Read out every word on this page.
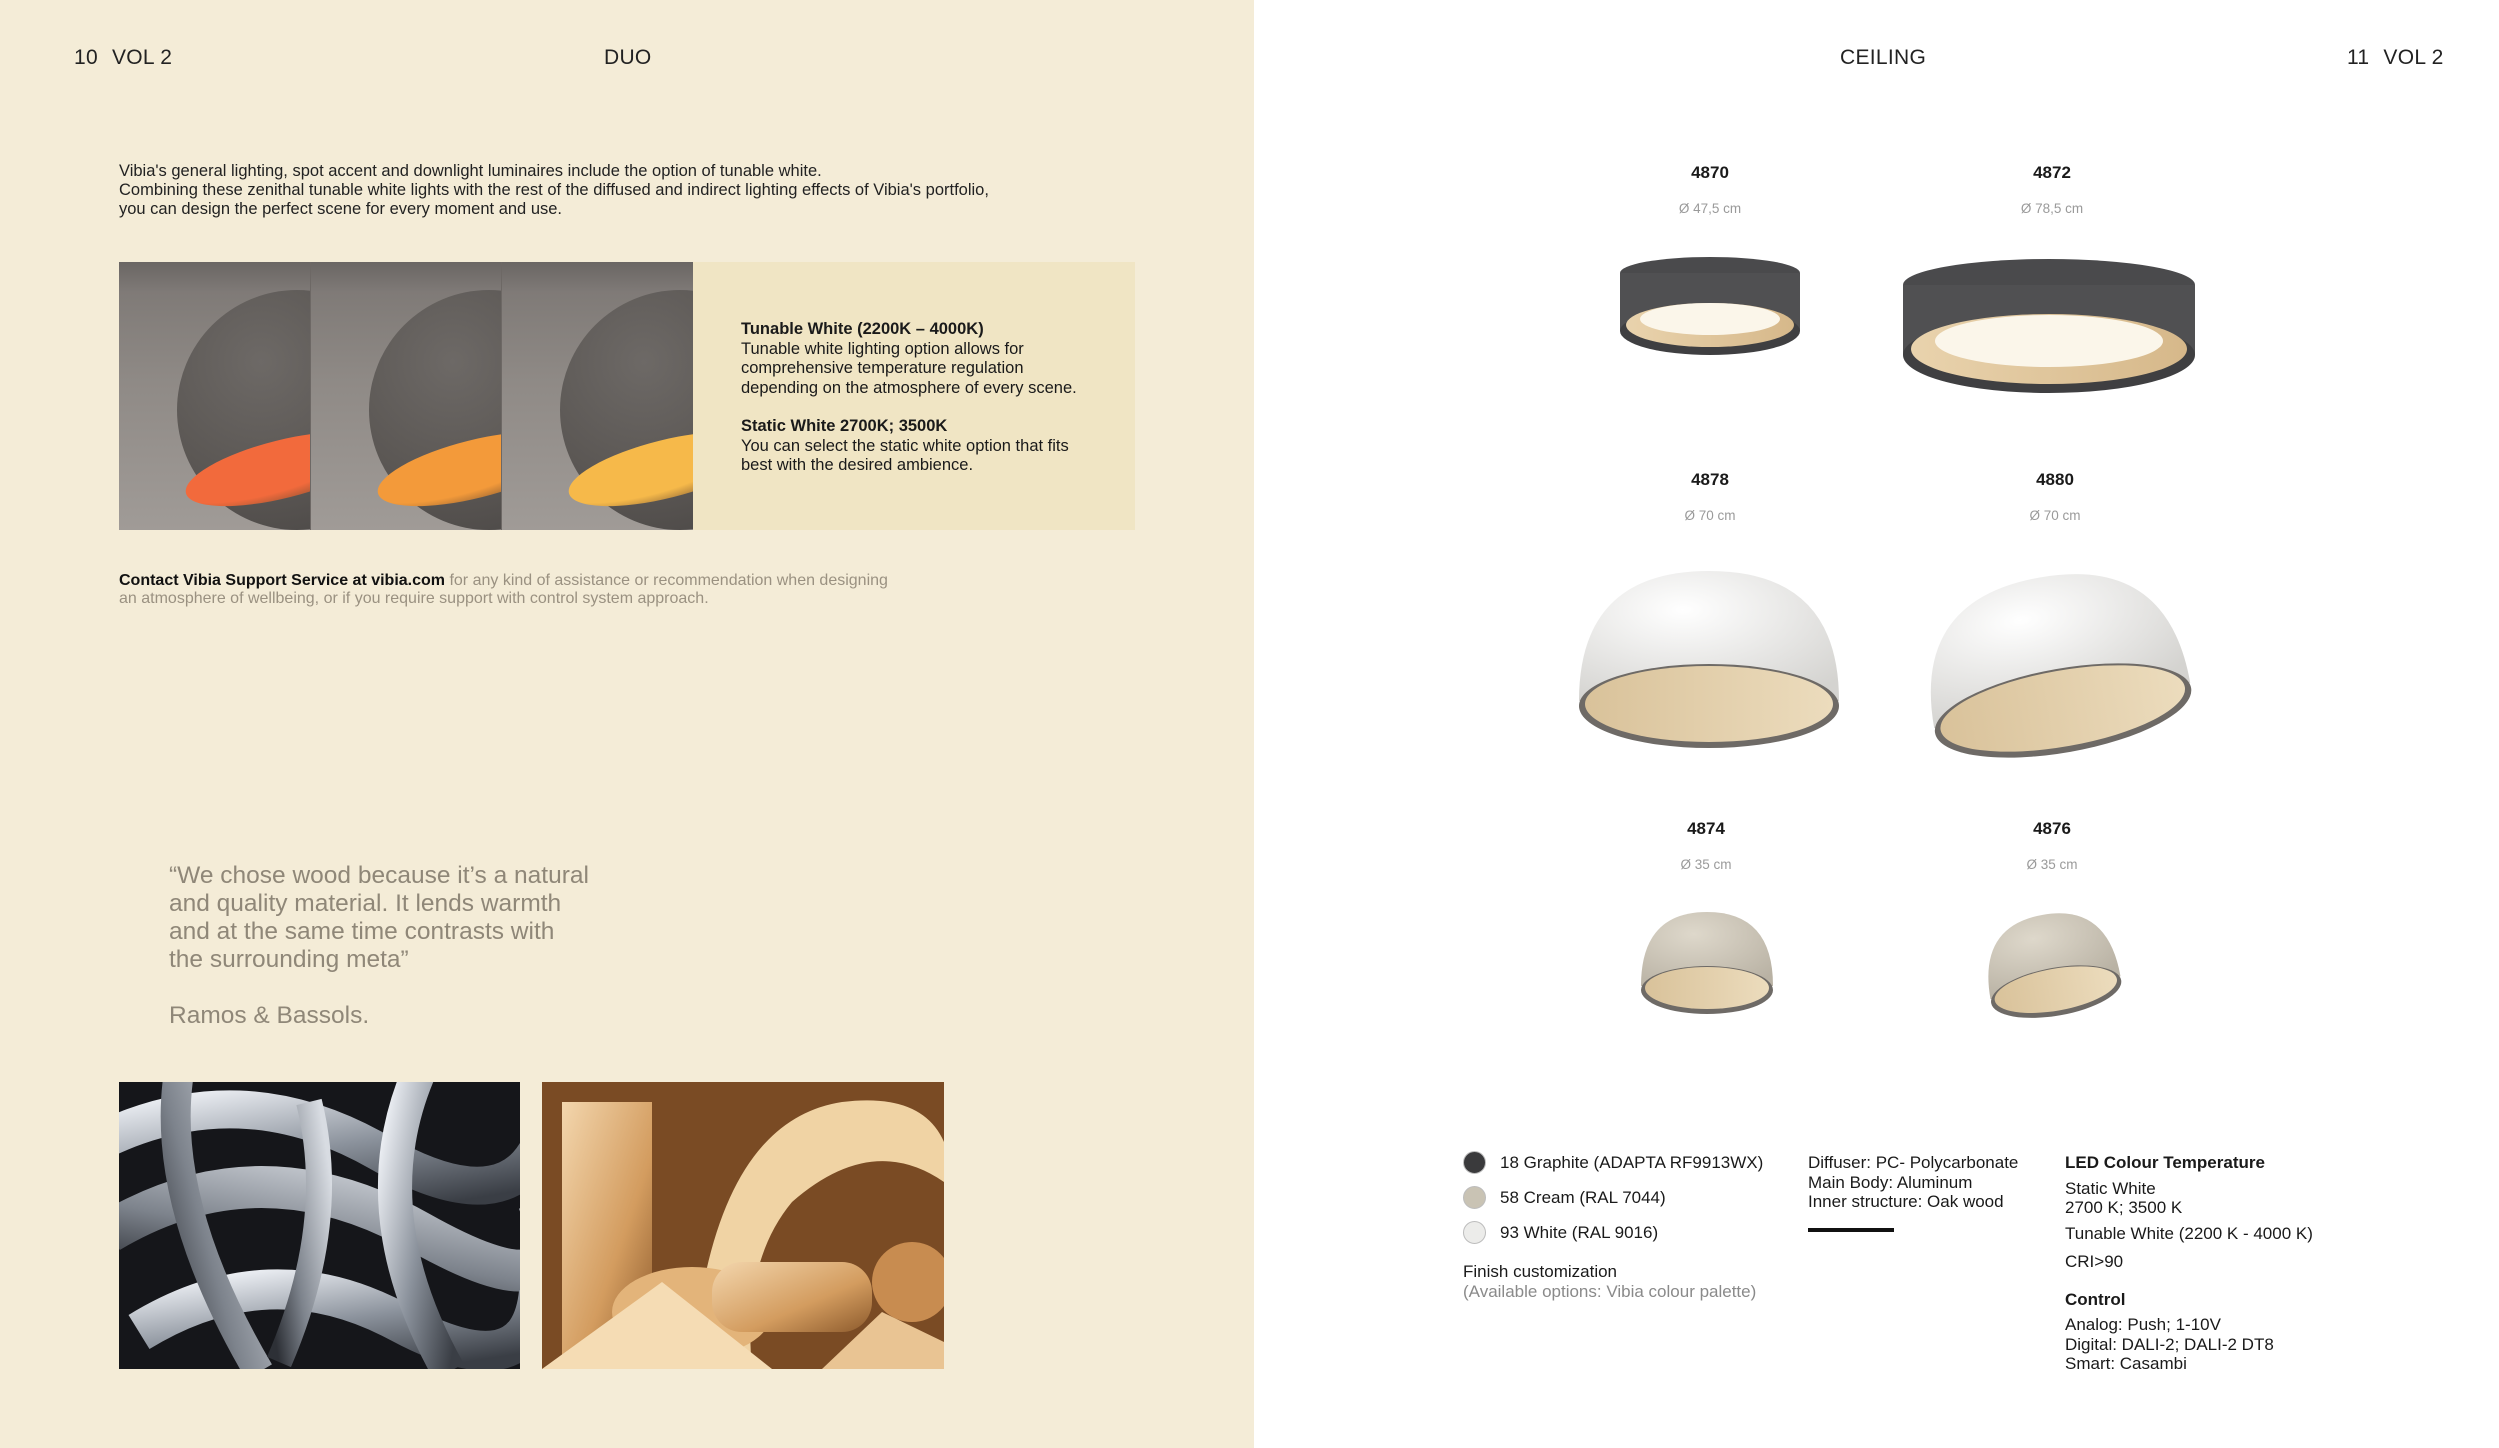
10 VOL 2	DUO
Vibia's general lighting, spot accent and downlight luminaires include the option of tunable white.
Combining these zenithal tunable white lights with the rest of the diffused and indirect lighting effects of Vibia's portfolio,
you can design the perfect scene for every moment and use.
Tunable White (2200K – 4000K)
Tunable white lighting option allows for
comprehensive temperature regulation
depending on the atmosphere of every scene.
Static White 2700K; 3500K
You can select the static white option that fits
best with the desired ambience.
Contact Vibia Support Service at vibia.com for any kind of assistance or recommendation when designing
an atmosphere of wellbeing, or if you require support with control system approach.
“We chose wood because it’s a natural
and quality material. It lends warmth
and at the same time contrasts with
the surrounding meta”
Ramos & Bassols.
CEILING	11 VOL 2
4870
Ø 47,5 cm
4872
Ø 78,5 cm
4878
Ø 70 cm
4880
Ø 70 cm
4874
Ø 35 cm
4876
Ø 35 cm
18 Graphite (ADAPTA RF9913WX)
58 Cream (RAL 7044)
93 White (RAL 9016)
Finish customization
(Available options: Vibia colour palette)
Diffuser: PC- Polycarbonate
Main Body: Aluminum
Inner structure: Oak wood
LED Colour Temperature
Static White
2700 K; 3500 K
Tunable White (2200 K - 4000 K)
CRI>90
Control
Analog: Push; 1-10V
Digital: DALI-2; DALI-2 DT8
Smart: Casambi
